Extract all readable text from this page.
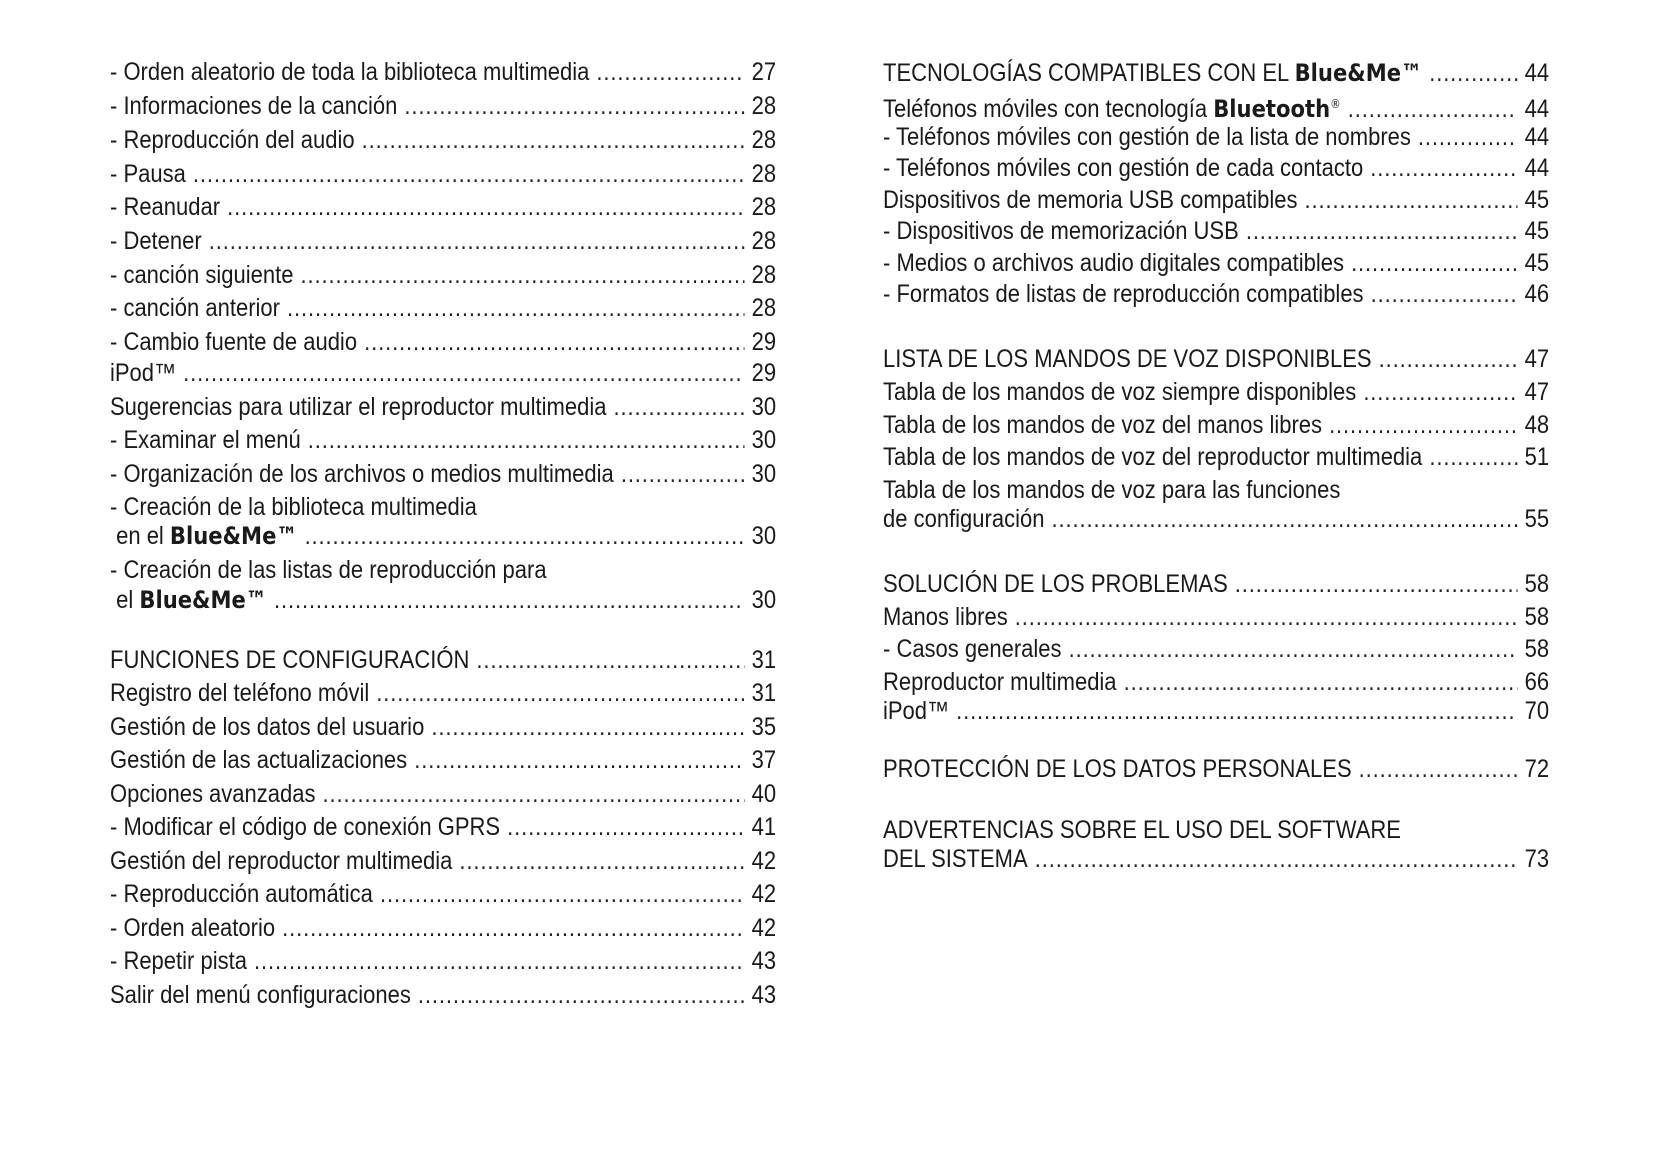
- Orden aleatorio de toda la biblioteca multimedia .....	27
- Informaciones de la canción .....	28
- Reproducción del audio .....	28
- Pausa .....	28
- Reanudar .....	28
- Detener .....	28
- canción siguiente .....	28
- canción anterior .....	28
- Cambio fuente de audio .....	29
iPod™ .....	29
Sugerencias para utilizar el reproductor multimedia .....	30
- Examinar el menú .....	30
- Organización de los archivos o medios multimedia .....	30
- Creación de la biblioteca multimedia
en el Blue&Me™ .....	30
- Creación de las listas de reproducción para
el Blue&Me™ .....	30
FUNCIONES DE CONFIGURACIÓN .....	31
Registro del teléfono móvil .....	31
Gestión de los datos del usuario .....	35
Gestión de las actualizaciones .....	37
Opciones avanzadas .....	40
- Modificar el código de conexión GPRS .....	41
Gestión del reproductor multimedia .....	42
- Reproducción automática .....	42
- Orden aleatorio .....	42
- Repetir pista .....	43
Salir del menú configuraciones .....	43
TECNOLOGÍAS COMPATIBLES CON EL Blue&Me™ .....	44
Teléfonos móviles con tecnología Bluetooth® .....	44
- Teléfonos móviles con gestión de la lista de nombres .....	44
- Teléfonos móviles con gestión de cada contacto .....	44
Dispositivos de memoria USB compatibles .....	45
- Dispositivos de memorización USB .....	45
- Medios o archivos audio digitales compatibles .....	45
- Formatos de listas de reproducción compatibles .....	46
LISTA DE LOS MANDOS DE VOZ DISPONIBLES .....	47
Tabla de los mandos de voz siempre disponibles .....	47
Tabla de los mandos de voz del manos libres .....	48
Tabla de los mandos de voz del reproductor multimedia .....	51
Tabla de los mandos de voz para las funciones
de configuración .....	55
SOLUCIÓN DE LOS PROBLEMAS .....	58
Manos libres .....	58
- Casos generales .....	58
Reproductor multimedia .....	66
iPod™ .....	70
PROTECCIÓN DE LOS DATOS PERSONALES .....	72
ADVERTENCIAS SOBRE EL USO DEL SOFTWARE
DEL SISTEMA .....	73
